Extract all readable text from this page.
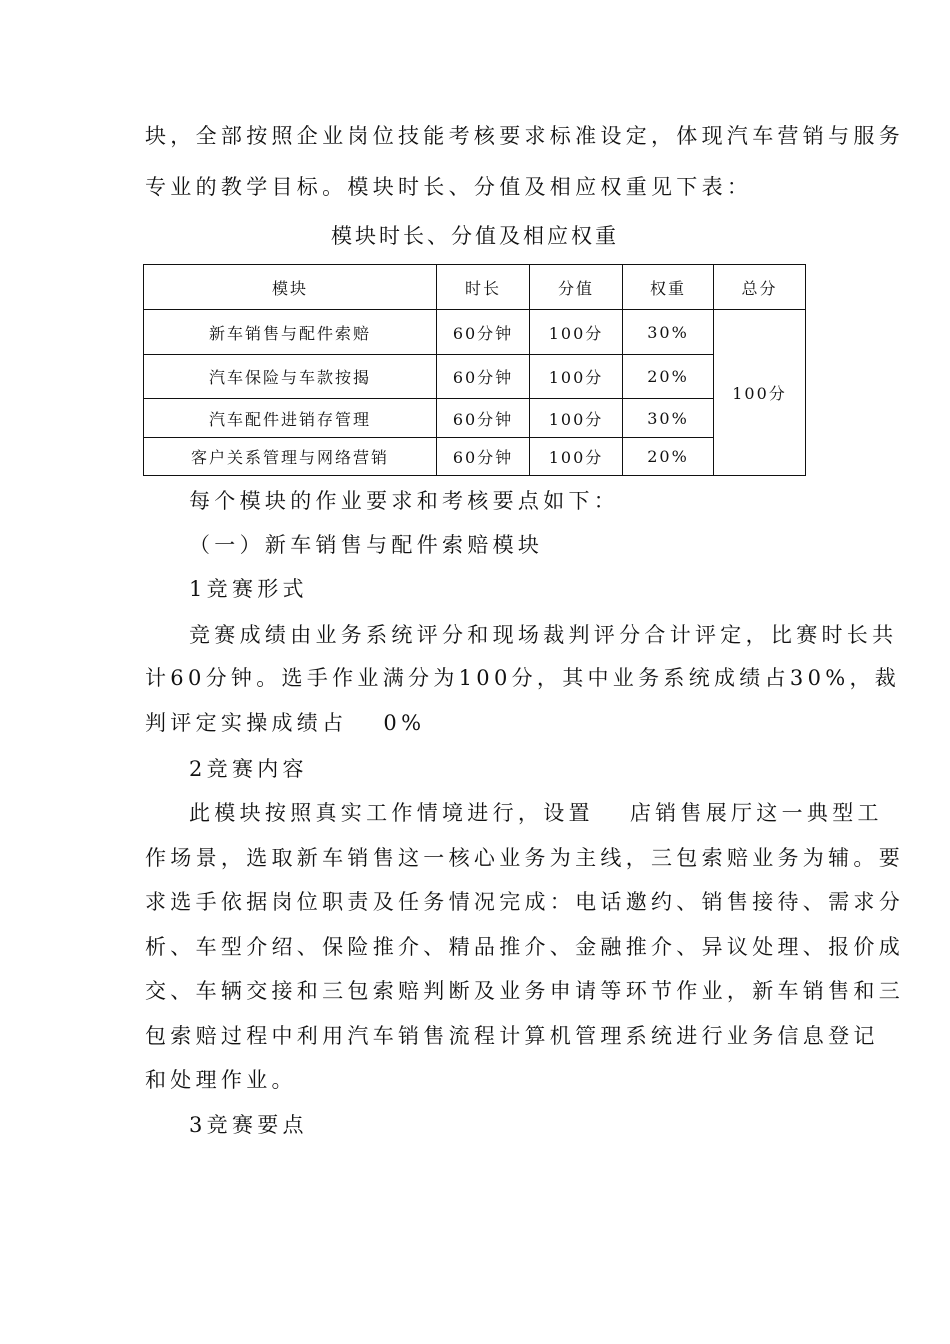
块，全部按照企业岗位技能考核要求标准设定，体现汽车营销与服务
专业的教学目标。模块时长、分值及相应权重见下表：
模块时长、分值及相应权重
模块	时长	分值	权重	总分
新车销售与配件索赔	60分钟	100分	30%	100分
汽车保险与车款按揭	60分钟	100分	20%	
汽车配件进销存管理	60分钟	100分	30%	
客户关系管理与网络营销	60分钟	100分	20%	
每个模块的作业要求和考核要点如下：
（一）新车销售与配件索赔模块
1竞赛形式
竞赛成绩由业务系统评分和现场裁判评分合计评定，比赛时长共
计60分钟。选手作业满分为100分，其中业务系统成绩占30%，裁
判评定实操成绩占 0%
2竞赛内容
此模块按照真实工作情境进行，设置 店销售展厅这一典型工
作场景，选取新车销售这一核心业务为主线，三包索赔业务为辅。要
求选手依据岗位职责及任务情况完成：电话邀约、销售接待、需求分
析、车型介绍、保险推介、精品推介、金融推介、异议处理、报价成
交、车辆交接和三包索赔判断及业务申请等环节作业，新车销售和三
包索赔过程中利用汽车销售流程计算机管理系统进行业务信息登记
和处理作业。
3竞赛要点
